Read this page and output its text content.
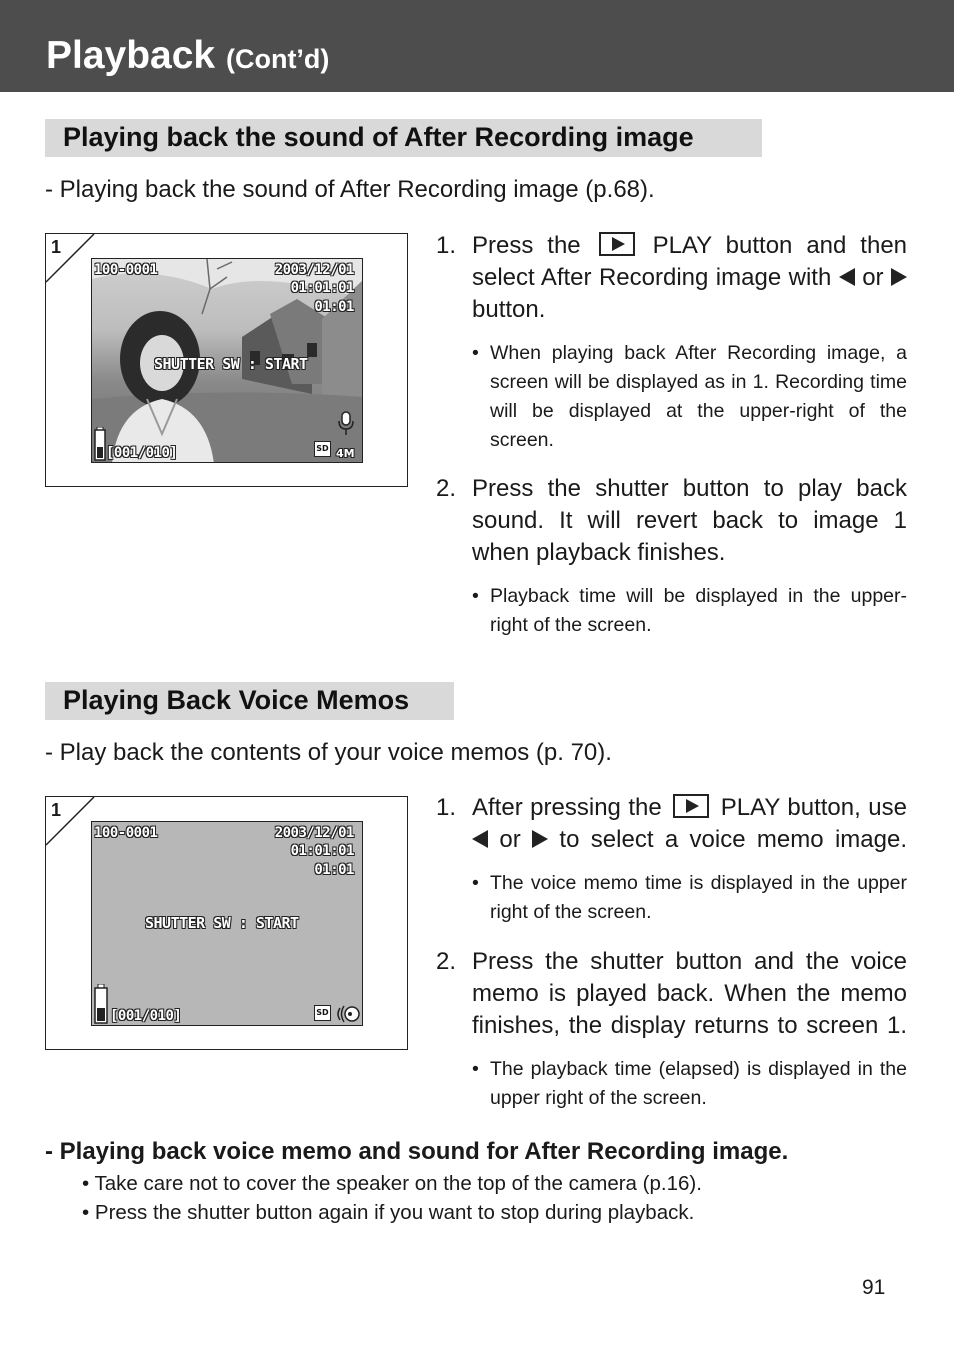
Playback (Cont’d)
Playing back the sound of After Recording image
- Playing back the sound of After Recording image (p.68).
1
100-0001	2003/12/01
01:01:01
01:01
SHUTTER SW : START
[001/010]	SD 4M
1. Press the	PLAY button and then select After Recording image with or  button.
• When playing back After Recording image, a screen will be displayed as in 1. Recording time will be displayed at the upper-right of the screen.
2. Press the shutter button to play back sound. It will revert back to image 1 when playback finishes.
• Playback time will be displayed in the upper-right of the screen.
Playing Back Voice Memos
- Play back the contents of your voice memos (p. 70).
1
100-0001	2003/12/01
01:01:01
01:01
SHUTTER SW : START
[001/010]	SD
1. After pressing the PLAY button, use  or to select a voice memo image.
• The voice memo time is displayed in the upper right of the screen.
2. Press the shutter button and the voice memo is played back. When the memo finishes, the display returns to screen 1.
• The playback time (elapsed) is displayed in the upper right of the screen.
- Playing back voice memo and sound for After Recording image.
• Take care not to cover the speaker on the top of the camera (p.16).
• Press the shutter button again if you want to stop during playback.
91
